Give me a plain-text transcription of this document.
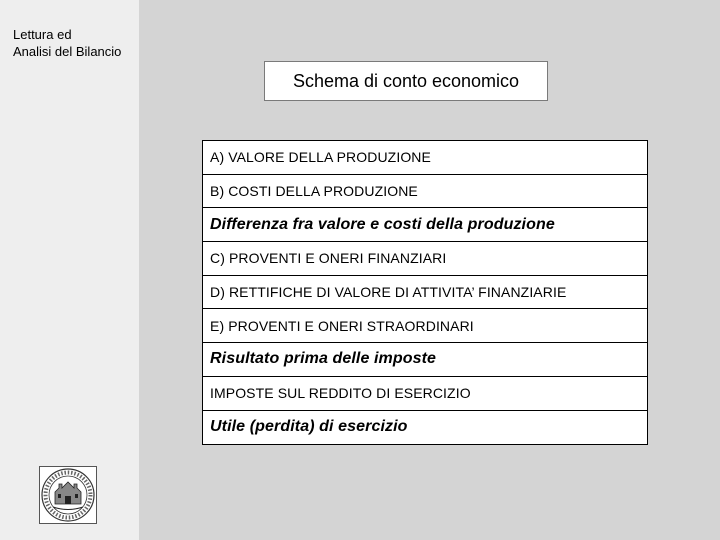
Lettura ed
Analisi del Bilancio
Schema di conto economico
A) VALORE DELLA PRODUZIONE
B) COSTI DELLA PRODUZIONE
Differenza fra valore e costi della produzione
C) PROVENTI E ONERI FINANZIARI
D) RETTIFICHE DI VALORE DI ATTIVITA’ FINANZIARIE
E) PROVENTI E ONERI STRAORDINARI
Risultato prima delle imposte
IMPOSTE SUL REDDITO DI ESERCIZIO
Utile (perdita) di esercizio
